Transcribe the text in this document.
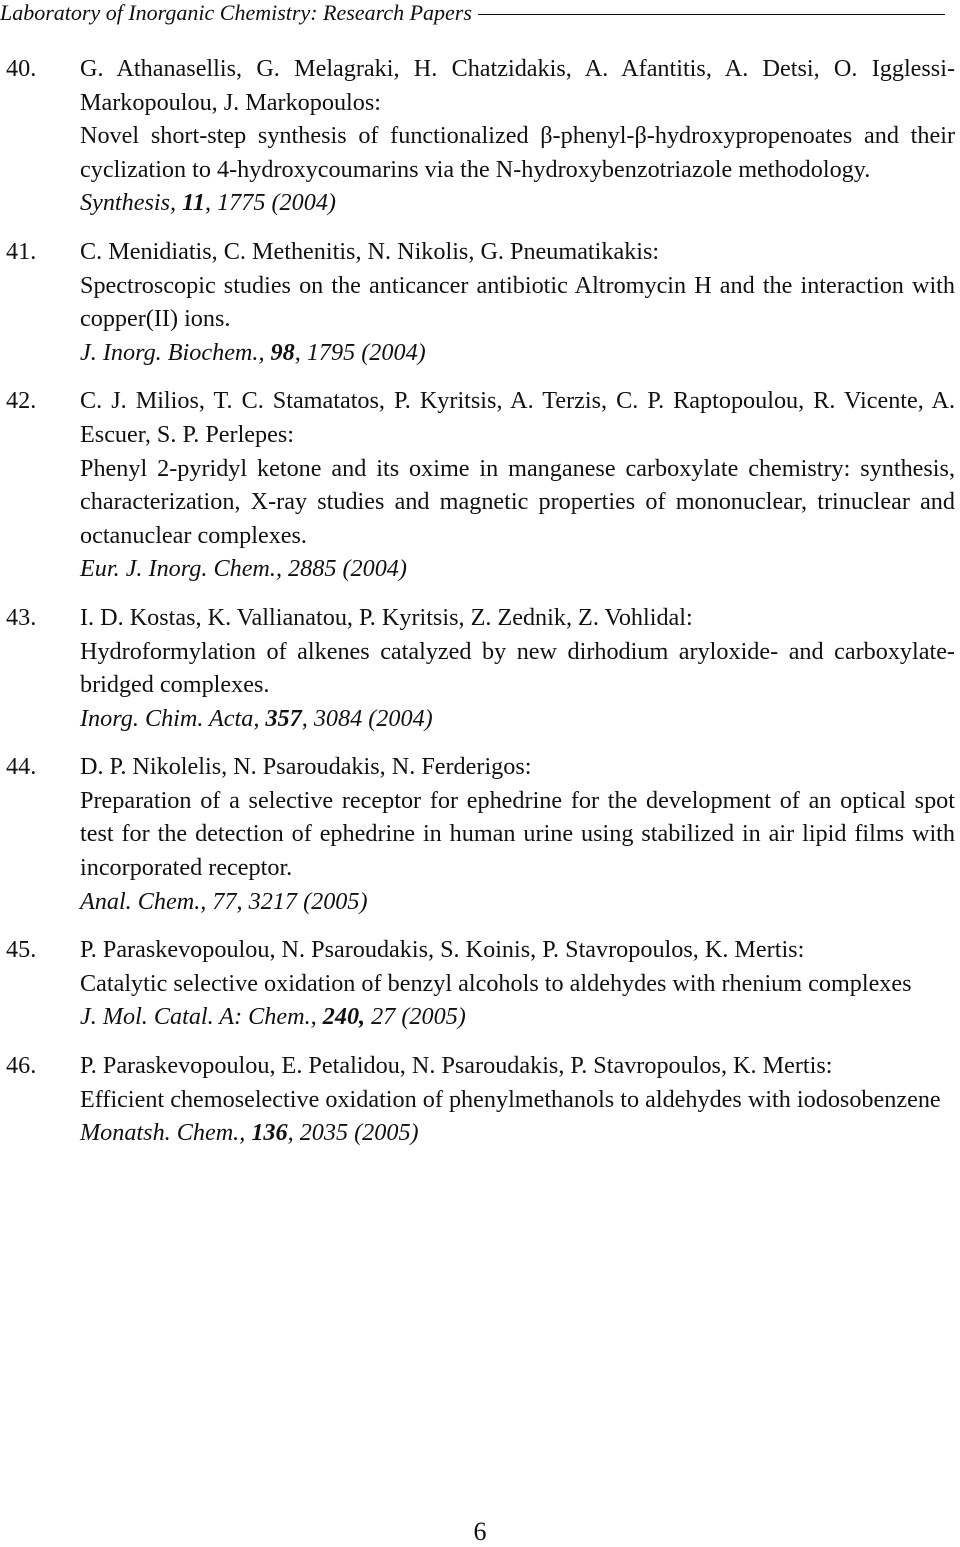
Laboratory of Inorganic Chemistry: Research Papers
40. G. Athanasellis, G. Melagraki, H. Chatzidakis, A. Afantitis, A. Detsi, O. Igglessi-Markopoulou, J. Markopoulos:
Novel short-step synthesis of functionalized β-phenyl-β-hydroxypropenoates and their cyclization to 4-hydroxycoumarins via the N-hydroxybenzotriazole methodology.
Synthesis, 11, 1775 (2004)
41. C. Menidiatis, C. Methenitis, N. Nikolis, G. Pneumatikakis:
Spectroscopic studies on the anticancer antibiotic Altromycin H and the interaction with copper(II) ions.
J. Inorg. Biochem., 98, 1795 (2004)
42. C. J. Milios, T. C. Stamatatos, P. Kyritsis, A. Terzis, C. P. Raptopoulou, R. Vicente, A. Escuer, S. P. Perlepes:
Phenyl 2-pyridyl ketone and its oxime in manganese carboxylate chemistry: synthesis, characterization, X-ray studies and magnetic properties of mononuclear, trinuclear and octanuclear complexes.
Eur. J. Inorg. Chem., 2885 (2004)
43. I. D. Kostas, K. Vallianatou, P. Kyritsis, Z. Zednik, Z. Vohlidal:
Hydroformylation of alkenes catalyzed by new dirhodium aryloxide- and carboxylate-bridged complexes.
Inorg. Chim. Acta, 357, 3084 (2004)
44. D. P. Nikolelis, N. Psaroudakis, N. Ferderigos:
Preparation of a selective receptor for ephedrine for the development of an optical spot test for the detection of ephedrine in human urine using stabilized in air lipid films with incorporated receptor.
Anal. Chem., 77, 3217 (2005)
45. P. Paraskevopoulou, N. Psaroudakis, S. Koinis, P. Stavropoulos, K. Mertis:
Catalytic selective oxidation of benzyl alcohols to aldehydes with rhenium complexes
J. Mol. Catal. A: Chem., 240, 27 (2005)
46. P. Paraskevopoulou, E. Petalidou, N. Psaroudakis, P. Stavropoulos, K. Mertis:
Efficient chemoselective oxidation of phenylmethanols to aldehydes with iodosobenzene
Monatsh. Chem., 136, 2035 (2005)
6
